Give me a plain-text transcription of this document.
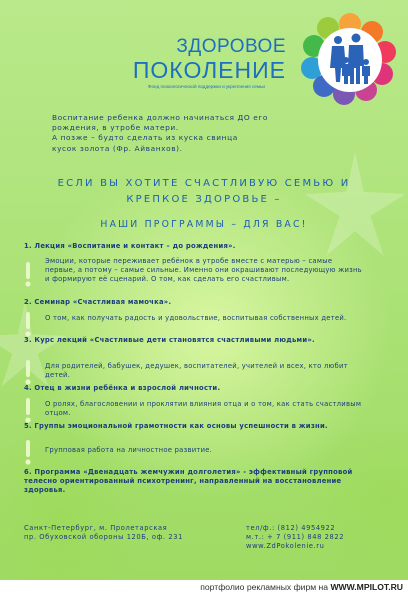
ЗДОРОВОЕ
ПОКОЛЕНИЕ
Фонд психологической поддержки и укрепления семьи
Воспитание ребенка должно начинаться ДО его
рождения, в утробе матери.
А позже – будто сделать из куска свинца
кусок золота (Фр. Айванхов).
ЕСЛИ ВЫ ХОТИТЕ СЧАСТЛИВУЮ СЕМЬЮ И
КРЕПКОЕ ЗДОРОВЬЕ –
НАШИ ПРОГРАММЫ – ДЛЯ ВАС!
1. Лекция «Воспитание и контакт – до рождения».
Эмоции, которые переживает ребёнок в утробе вместе с матерью – самые первые, а потому – самые сильные. Именно они окрашивают последующую жизнь и формируют её сценарий. О том, как сделать его счастливым.
2. Семинар «Счастливая мамочка».
О том, как получать радость и удовольствие, воспитывая собственных детей.
3. Курс лекций «Счастливые дети становятся счастливыми людьми».
Для родителей, бабушек, дедушек, воспитателей, учителей и всех, кто любит детей.
4. Отец в жизни ребёнка и взрослой личности.
О ролях, благословении и проклятии влияния отца и о том, как стать счастливым отцом.
5. Группы эмоциональной грамотности как основы успешности в жизни.
Групповая работа на личностное развитие.
6. Программа «Двенадцать жемчужин долголетия» - эффективный групповой телесно ориентированный психотренинг, направленный на восстановление здоровья.
Санкт-Петербург, м. Пролетарская
пр. Обуховской обороны 120Б, оф. 231
тел/ф.: (812) 4954922
м.т.: + 7 (911) 848 2822
www.ZdPokolenie.ru
портфолио рекламных фирм на WWW.MPILOT.RU
